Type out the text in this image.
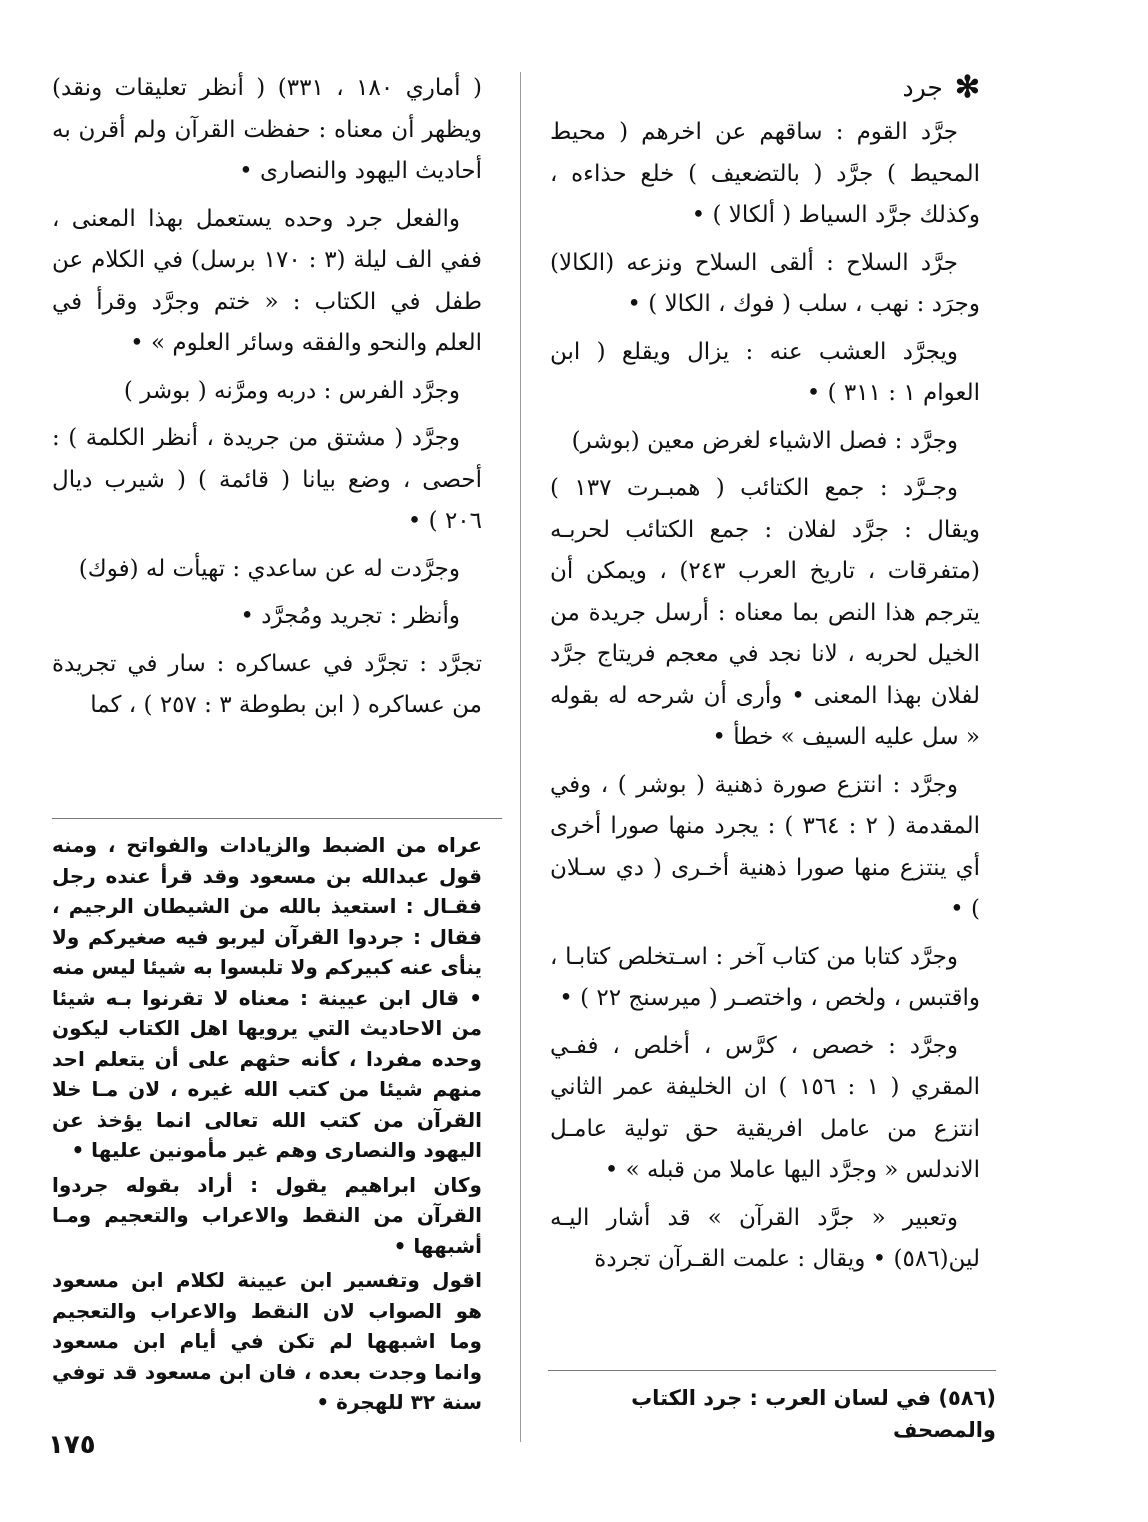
✻
جرد

جرَّد القوم : ساقهم عن اخرهم ( محيط المحيط ) جرَّد ( بالتضعيف ) خلع حذاءه ، وكذلك جرَّد السياط ( ألكالا ) •

جرَّد السلاح : ألقى السلاح ونزعه (الكالا) وجرَد : نهب ، سلب ( فوك ، الكالا ) •

ويجرَّد العشب عنه : يزال ويقلع ( ابن العوام ١ : ٣١١ ) •

وجرَّد : فصل الاشياء لغرض معين (بوشر)

وجـرَّد : جمع الكتائب ( همبـرت ١٣٧ ) ويقال : جرَّد لفلان : جمع الكتائب لحربـه (متفرقات ، تاريخ العرب ٢٤٣) ، ويمكن أن يترجم هذا النص بما معناه : أرسل جريدة من الخيل لحربه ، لانا نجد في معجم فريتاج جرَّد لفلان بهذا المعنى • وأرى أن شرحه له بقوله « سل عليه السيف » خطأ •

وجرَّد : انتزع صورة ذهنية ( بوشر ) ، وفي المقدمة ( ٢ : ٣٦٤ ) : يجرد منها صورا أخرى أي ينتزع منها صورا ذهنية أخـرى ( دي سـلان ) •

وجرَّد كتابا من كتاب آخر : اسـتخلص كتابـا ، واقتبس ، ولخص ، واختصـر ( ميرسنج ٢٢ ) •

وجرَّد : خصص ، كرَّس ، أخلص ، ففـي المقري ( ١ : ١٥٦ ) ان الخليفة عمر الثاني انتزع من عامل افريقية حق تولية عامـل الاندلس « وجرَّد اليها عاملا من قبله » •

وتعبير « جرَّد القرآن » قد أشار اليـه لين(٥٨٦) • ويقال : علمت القـرآن تجردة

( أماري ١٨٠ ، ٣٣١) ( أنظر تعليقات ونقد) ويظهر أن معناه : حفظت القرآن ولم أقرن به أحاديث اليهود والنصارى •

والفعل جرد وحده يستعمل بهذا المعنى ، ففي الف ليلة (٣ : ١٧٠ برسل) في الكلام عن طفل في الكتاب : « ختم وجرَّد وقرأ في العلم والنحو والفقه وسائر العلوم » •

وجرَّد الفرس : دربه ومرَّنه ( بوشر )

وجرَّد ( مشتق من جريدة ، أنظر الكلمة ) : أحصى ، وضع بيانا ( قائمة ) ( شيرب ديال ٢٠٦ ) •

وجرَّدت له عن ساعدي : تهيأت له (فوك)

وأنظر : تجريد ومُجرَّد •

تجرَّد : تجرَّد في عساكره : سار في تجريدة من عساكره ( ابن بطوطة ٣ : ٢٥٧ ) ، كما

عراه من الضبط والزيادات والفواتح ، ومنه قول عبدالله بن مسعود وقد قرأ عنده رجل فقـال : استعيذ بالله من الشيطان الرجيم ، فقال : جردوا القرآن ليربو فيه صغيركم ولا ينأى عنه كبيركم ولا تلبسوا به شيئا ليس منه • قال ابن عيينة : معناه لا تقرنوا بـه شيئا من الاحاديث التي يرويها اهل الكتاب ليكون وحده مفردا ، كأنه حثهم على أن يتعلم احد منهم شيئا من كتب الله غيره ، لان مـا خلا القرآن من كتب الله تعالى انما يؤخذ عن اليهود والنصارى وهم غير مأمونين عليها •

وكان ابراهيم يقول : أراد بقوله جردوا القرآن من النقط والاعراب والتعجيم ومـا أشبهها •

اقول وتفسير ابن عيينة لكلام ابن مسعود هو الصواب لان النقط والاعراب والتعجيم وما اشبهها لم تكن في أيام ابن مسعود وانما وجدت بعده ، فان ابن مسعود قد توفي سنة ٣٢ للهجرة •	(٥٨٦) في لسان العرب : جرد الكتاب والمصحف
١٧٥
